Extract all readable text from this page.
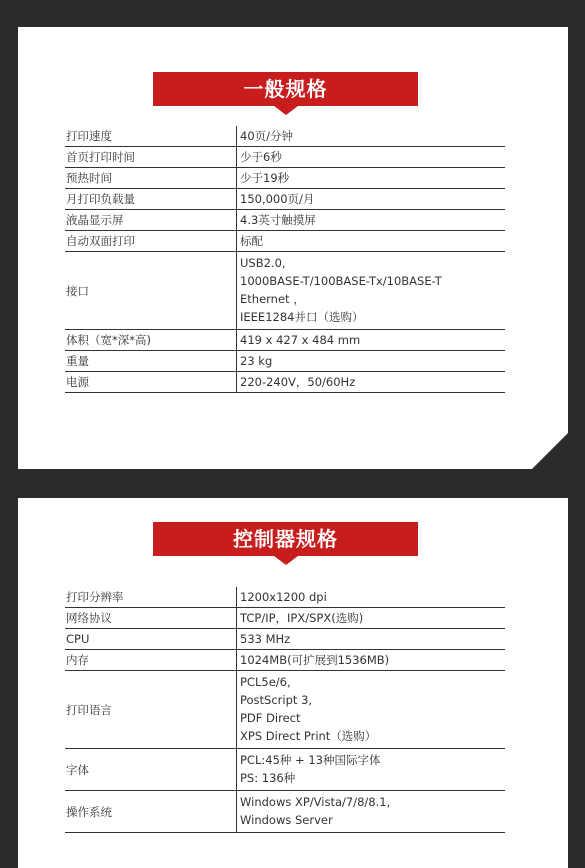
一般规格
打印速度	40页/分钟

首页打印时间	少于6秒

预热时间	少于19秒

月打印负载量	150,000页/月

液晶显示屏	4.3英寸触摸屏

自动双面打印	标配

接口	USB2.0,
1000BASE-T/100BASE-Tx/10BASE-T
Ethernet ，
IEEE1284并口（选购）

体积（宽*深*高)	419 x 427 x 484 mm

重量	23 kg

电源	220-240V，50/60Hz
控制器规格
打印分辨率	1200x1200 dpi

网络协议	TCP/IP，IPX/SPX(选购)

CPU	533 MHz

内存	1024MB(可扩展到1536MB)

打印语言	PCL5e/6,
PostScript 3,
PDF Direct
XPS Direct Print（选购）

字体	PCL:45种 + 13种国际字体
PS: 136种

操作系统	Windows XP/Vista/7/8/8.1,
Windows Server
